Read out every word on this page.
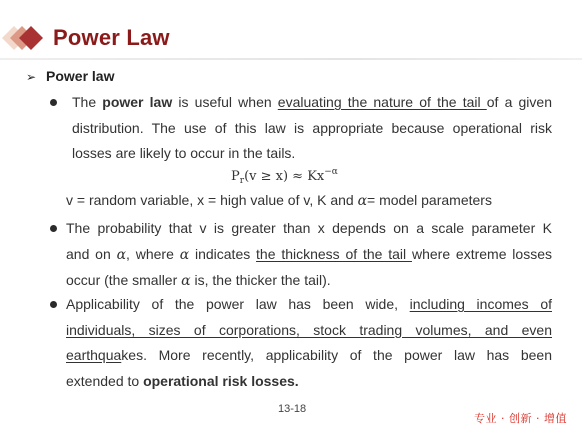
Power Law
➢ Power law
The power law is useful when evaluating the nature of the tail of a given
distribution. The use of this law is appropriate because operational risk
losses are likely to occur in the tails.
$P_r(v \ge x) \approx Kx^{-\alpha}$
v = random variable, x = high value of v, K and α= model parameters
The probability that v is greater than x depends on a scale parameter K
and on α, where α indicates the thickness of the tail where extreme losses
occur (the smaller α is, the thicker the tail).
Applicability of the power law has been wide, including incomes of
individuals, sizes of corporations, stock trading volumes, and even
earthquakes. More recently, applicability of the power law has been
extended to operational risk losses.
13-18
专业 · 创新 · 增值
